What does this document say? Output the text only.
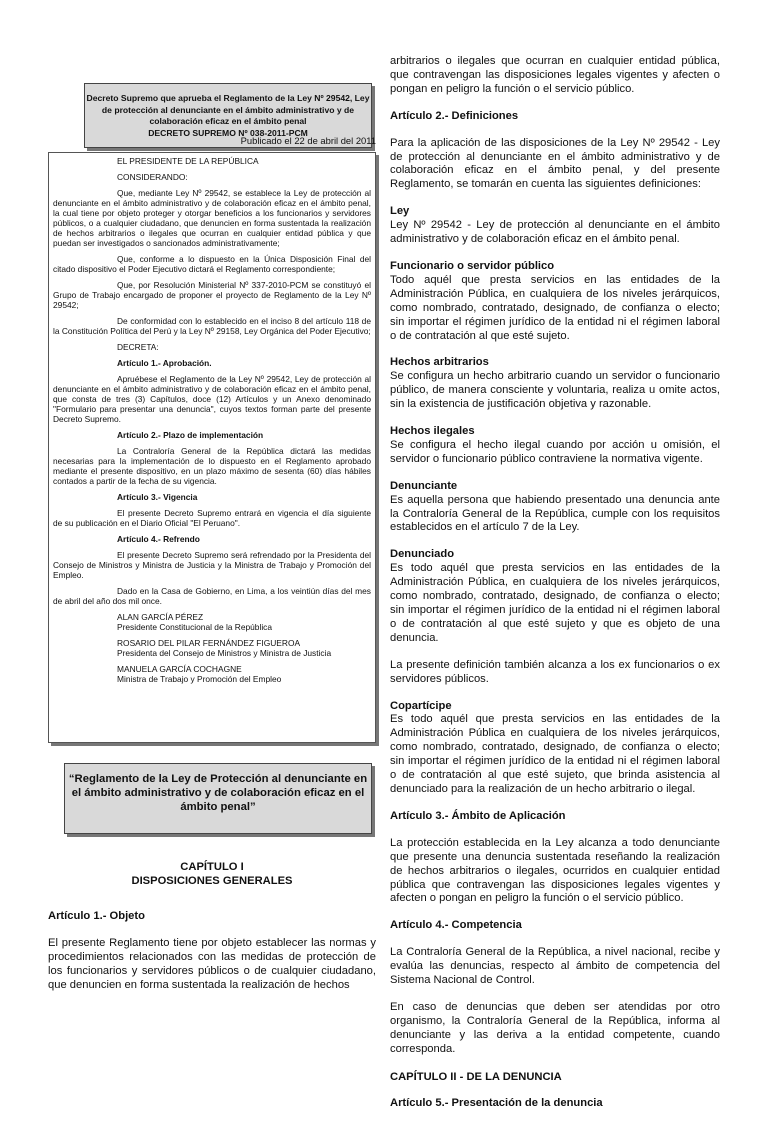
Decreto Supremo que aprueba el Reglamento de la Ley Nº 29542, Ley de protección al denunciante en el ámbito administrativo y de colaboración eficaz en el ámbito penal
DECRETO SUPREMO Nº 038-2011-PCM
Publicado el 22 de abril del 2011

EL PRESIDENTE DE LA REPÚBLICA

CONSIDERANDO:

Que, mediante Ley Nº 29542, se establece la Ley de protección al denunciante en el ámbito administrativo y de colaboración eficaz en el ámbito penal, la cual tiene por objeto proteger y otorgar beneficios a los funcionarios y servidores públicos, o a cualquier ciudadano, que denuncien en forma sustentada la realización de hechos arbitrarios o ilegales que ocurran en cualquier entidad pública y que puedan ser investigados o sancionados administrativamente;

Que, conforme a lo dispuesto en la Única Disposición Final del citado dispositivo el Poder Ejecutivo dictará el Reglamento correspondiente;

Que, por Resolución Ministerial Nº 337-2010-PCM se constituyó el Grupo de Trabajo encargado de proponer el proyecto de Reglamento de la Ley Nº 29542;

De conformidad con lo establecido en el inciso 8 del artículo 118 de la Constitución Política del Perú y la Ley Nº 29158, Ley Orgánica del Poder Ejecutivo;

DECRETA:

Artículo 1.- Aprobación.

Apruébese el Reglamento de la Ley Nº 29542, Ley de protección al denunciante en el ámbito administrativo y de colaboración eficaz en el ámbito penal, que consta de tres (3) Capítulos, doce (12) Artículos y un Anexo denominado "Formulario para presentar una denuncia", cuyos textos forman parte del presente Decreto Supremo.

Artículo 2.- Plazo de implementación

La Contraloría General de la República dictará las medidas necesarias para la implementación de lo dispuesto en el Reglamento aprobado mediante el presente dispositivo, en un plazo máximo de sesenta (60) días hábiles contados a partir de la fecha de su vigencia.

Artículo 3.- Vigencia

El presente Decreto Supremo entrará en vigencia el día siguiente de su publicación en el Diario Oficial "El Peruano".

Artículo 4.- Refrendo

El presente Decreto Supremo será refrendado por la Presidenta del Consejo de Ministros y Ministra de Justicia y la Ministra de Trabajo y Promoción del Empleo.

Dado en la Casa de Gobierno, en Lima, a los veintiún días del mes de abril del año dos mil once.

ALAN GARCÍA PÉREZ
Presidente Constitucional de la República

ROSARIO DEL PILAR FERNÁNDEZ FIGUEROA
Presidenta del Consejo de Ministros y Ministra de Justicia

MANUELA GARCÍA COCHAGNE
Ministra de Trabajo y Promoción del Empleo

“Reglamento de la Ley de Protección al denunciante en el ámbito administrativo y de colaboración eficaz en el ámbito penal”
CAPÍTULO I
DISPOSICIONES GENERALES

Artículo 1.- Objeto

El presente Reglamento tiene por objeto establecer las normas y procedimientos relacionados con las medidas de protección de los funcionarios y servidores públicos o de cualquier ciudadano, que denuncien en forma sustentada la realización de hechos

arbitrarios o ilegales que ocurran en cualquier entidad pública, que contravengan las disposiciones legales vigentes y afecten o pongan en peligro la función o el servicio público.

Artículo 2.- Definiciones

Para la aplicación de las disposiciones de la Ley Nº 29542 - Ley de protección al denunciante en el ámbito administrativo y de colaboración eficaz en el ámbito penal, y del presente Reglamento, se tomarán en cuenta las siguientes definiciones:

Ley
Ley Nº 29542 - Ley de protección al denunciante en el ámbito administrativo y de colaboración eficaz en el ámbito penal.

Funcionario o servidor público
Todo aquél que presta servicios en las entidades de la Administración Pública, en cualquiera de los niveles jerárquicos, como nombrado, contratado, designado, de confianza o electo; sin importar el régimen jurídico de la entidad ni el régimen laboral o de contratación al que esté sujeto.

Hechos arbitrarios
Se configura un hecho arbitrario cuando un servidor o funcionario público, de manera consciente y voluntaria, realiza u omite actos, sin la existencia de justificación objetiva y razonable.

Hechos ilegales
Se configura el hecho ilegal cuando por acción u omisión, el servidor o funcionario público contraviene la normativa vigente.

Denunciante
Es aquella persona que habiendo presentado una denuncia ante la Contraloría General de la República, cumple con los requisitos establecidos en el artículo 7 de la Ley.

Denunciado
Es todo aquél que presta servicios en las entidades de la Administración Pública, en cualquiera de los niveles jerárquicos, como nombrado, contratado, designado, de confianza o electo; sin importar el régimen jurídico de la entidad ni el régimen laboral o de contratación al que esté sujeto y que es objeto de una denuncia.

La presente definición también alcanza a los ex funcionarios o ex servidores públicos.

Copartícipe
Es todo aquél que presta servicios en las entidades de la Administración Pública en cualquiera de los niveles jerárquicos, como nombrado, contratado, designado, de confianza o electo; sin importar el régimen jurídico de la entidad ni el régimen laboral o de contratación al que esté sujeto, que brinda asistencia al denunciado para la realización de un hecho arbitrario o ilegal.

Artículo 3.- Ámbito de Aplicación

La protección establecida en la Ley alcanza a todo denunciante que presente una denuncia sustentada reseñando la realización de hechos arbitrarios o ilegales, ocurridos en cualquier entidad pública que contravengan las disposiciones legales vigentes y afecten o pongan en peligro la función o el servicio público.

Artículo 4.- Competencia

La Contraloría General de la República, a nivel nacional, recibe y evalúa las denuncias, respecto al ámbito de competencia del Sistema Nacional de Control.

En caso de denuncias que deben ser atendidas por otro organismo, la Contraloría General de la República, informa al denunciante y las deriva a la entidad competente, cuando corresponda.

CAPÍTULO II - DE LA DENUNCIA

Artículo 5.- Presentación de la denuncia
